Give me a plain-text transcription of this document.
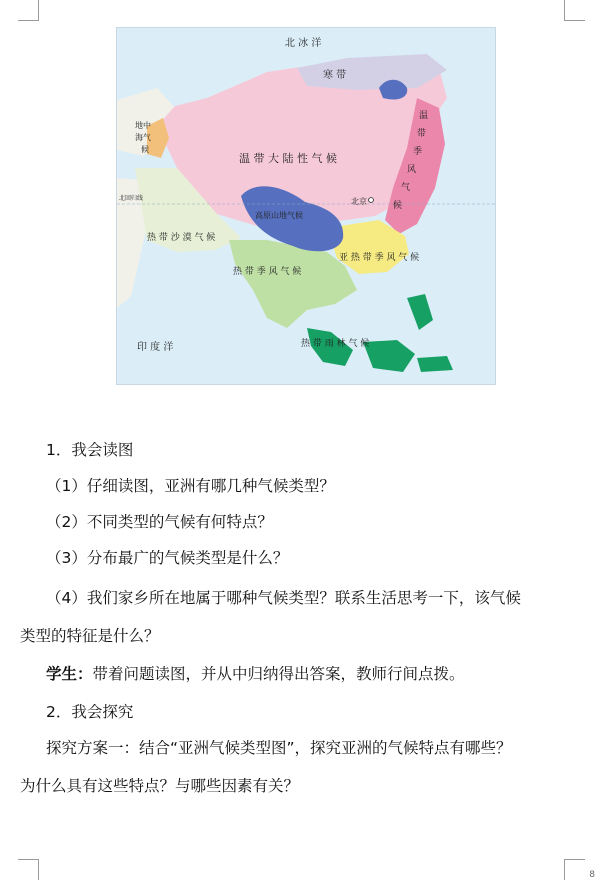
北 冰 洋
寒 带
温 带 大 陆 性 气 候
地中
海气
候
温
带
季
风
气
候
北京
高原山地气候
热 带 沙 漠 气 候
亚 热 带 季 风 气 候
热 带 季 风 气 候
热 带 雨 林 气 候
印 度 洋
北回归线
1．我会读图
（1）仔细读图，亚洲有哪几种气候类型？
（2）不同类型的气候有何特点？
（3）分布最广的气候类型是什么？
（4）我们家乡所在地属于哪种气候类型？联系生活思考一下，该气候
类型的特征是什么？
学生：带着问题读图，并从中归纳得出答案，教师行间点拨。
2．我会探究
探究方案一：结合“亚洲气候类型图”，探究亚洲的气候特点有哪些？
为什么具有这些特点？与哪些因素有关？
8
